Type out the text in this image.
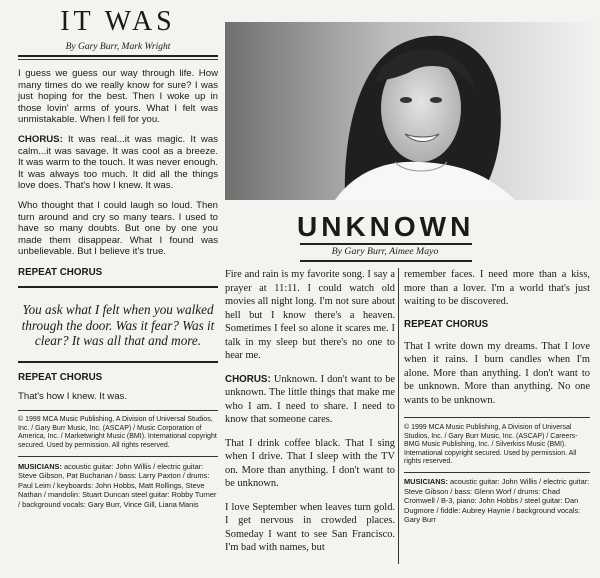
IT WAS

By Gary Burr, Mark Wright

I guess we guess our way through life. How many times do we really know for sure? I was just hoping for the best. Then I woke up in those lovin' arms of yours. What I felt was unmistakable. When I fell for you.

CHORUS: It was real...it was magic. It was calm...it was savage. It was cool as a breeze. It was warm to the touch. It was never enough. It was always too much. It did all the things love does. That's how I knew. It was.

Who thought that I could laugh so loud. Then turn around and cry so many tears. I used to have so many doubts. But one by one you made them disappear. What I found was unbelievable. But I believe it's true.

REPEAT CHORUS

You ask what I felt when you walked through the door. Was it fear? Was it clear? It was all that and more.

REPEAT CHORUS

That's how I knew. It was.

© 1999 MCA Music Publishing, A Division of Universal Studios, Inc. / Gary Burr Music, Inc. (ASCAP) / Music Corporation of America, Inc. / Marketwright Music (BMI). International copyright secured. Used by permission. All rights reserved.

MUSICIANS: acoustic guitar: John Willis / electric guitar: Steve Gibson, Pat Buchanan / bass: Larry Paxton / drums: Paul Leim / keyboards: John Hobbs, Matt Rollings, Steve Nathan / mandolin: Stuart Duncan steel guitar: Robby Turner / background vocals: Gary Burr, Vince Gill, Liana Manis

UNKNOWN

By Gary Burr, Aimee Mayo

Fire and rain is my favorite song. I say a prayer at 11:11. I could watch old movies all night long. I'm not sure about hell but I know there's a heaven. Sometimes I feel so alone it scares me. I talk in my sleep but there's no one to hear me.

CHORUS: Unknown. I don't want to be unknown. The little things that make me who I am. I need to share. I need to know that someone cares.

That I drink coffee black. That I sing when I drive. That I sleep with the TV on. More than anything. I don't want to be unknown.

I love September when leaves turn gold. I get nervous in crowded places. Someday I want to see San Francisco. I'm bad with names, but

remember faces. I need more than a kiss, more than a lover. I'm a world that's just waiting to be discovered.

REPEAT CHORUS

That I write down my dreams. That I love when it rains. I burn candles when I'm alone. More than anything. I don't want to be unknown. More than anything. No one wants to be unknown.

© 1999 MCA Music Publishing, A Division of Universal Studios, Inc. / Gary Burr Music, Inc. (ASCAP) / Careers-BMG Music Publishing, Inc. / Silverkiss Music (BMI). International copyright secured. Used by permission. All rights reserved.

MUSICIANS: acoustic guitar: John Willis / electric guitar: Steve Gibson / bass: Glenn Worf / drums: Chad Cromwell / B-3, piano: John Hobbs / steel guitar: Dan Dugmore / fiddle: Aubrey Haynie / background vocals: Gary Burr
